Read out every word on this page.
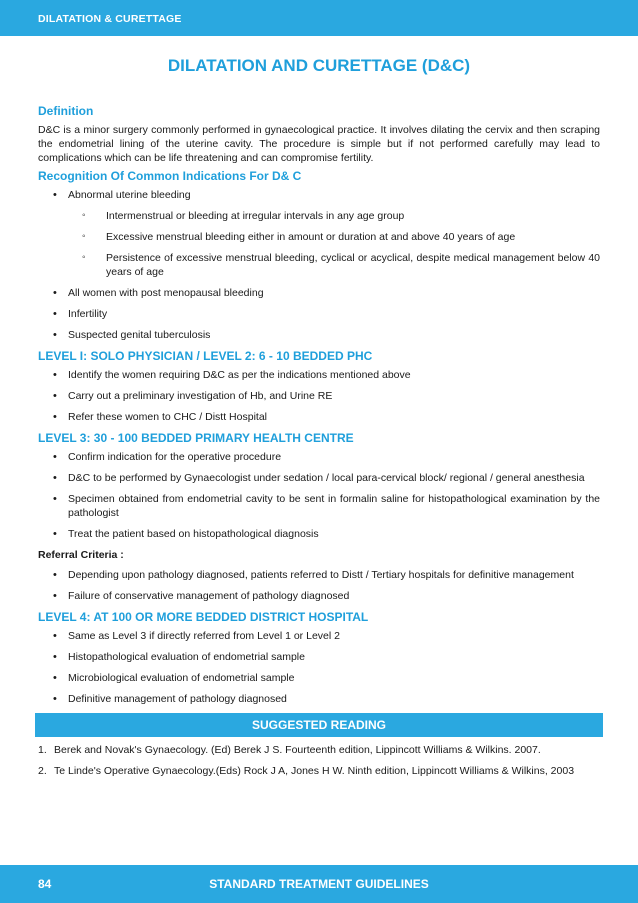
DILATATION & CURETTAGE
DILATATION AND CURETTAGE (D&C)
Definition
D&C is a minor surgery commonly performed in gynaecological practice. It involves dilating the cervix and then scraping the endometrial lining of the uterine cavity. The procedure is simple but if not performed carefully may lead to complications which can be life threatening and can compromise fertility.
Recognition Of Common Indications For D& C
• Abnormal uterine bleeding
◦ Intermenstrual or bleeding at irregular intervals in any age group
◦ Excessive menstrual bleeding either in amount or duration at and above 40 years of age
◦ Persistence of excessive menstrual bleeding, cyclical or acyclical, despite medical management below 40 years of age
• All women with post menopausal bleeding
• Infertility
• Suspected genital tuberculosis
LEVEL I: SOLO PHYSICIAN / LEVEL 2: 6 - 10 BEDDED PHC
• Identify the women requiring D&C as per the indications mentioned above
• Carry out a preliminary investigation of Hb, and Urine RE
• Refer these women to CHC / Distt Hospital
LEVEL 3: 30 - 100 BEDDED PRIMARY HEALTH CENTRE
• Confirm indication for the operative procedure
• D&C to be performed by Gynaecologist under sedation / local para-cervical block/ regional / general anesthesia
• Specimen obtained from endometrial cavity to be sent in formalin saline for histopathological examination by the pathologist
• Treat the patient based on histopathological diagnosis
Referral Criteria :
• Depending upon pathology diagnosed, patients referred to Distt / Tertiary hospitals for definitive management
• Failure of conservative management of pathology diagnosed
LEVEL 4: AT 100 OR MORE BEDDED DISTRICT HOSPITAL
• Same as Level 3 if directly referred from Level 1 or Level 2
• Histopathological evaluation of endometrial sample
• Microbiological evaluation of endometrial sample
• Definitive management of pathology diagnosed
SUGGESTED READING
1. Berek and Novak's Gynaecology. (Ed) Berek J S. Fourteenth edition, Lippincott Williams & Wilkins. 2007.
2. Te Linde's Operative Gynaecology.(Eds) Rock J A, Jones H W. Ninth edition, Lippincott Williams & Wilkins, 2003
84	STANDARD TREATMENT GUIDELINES
